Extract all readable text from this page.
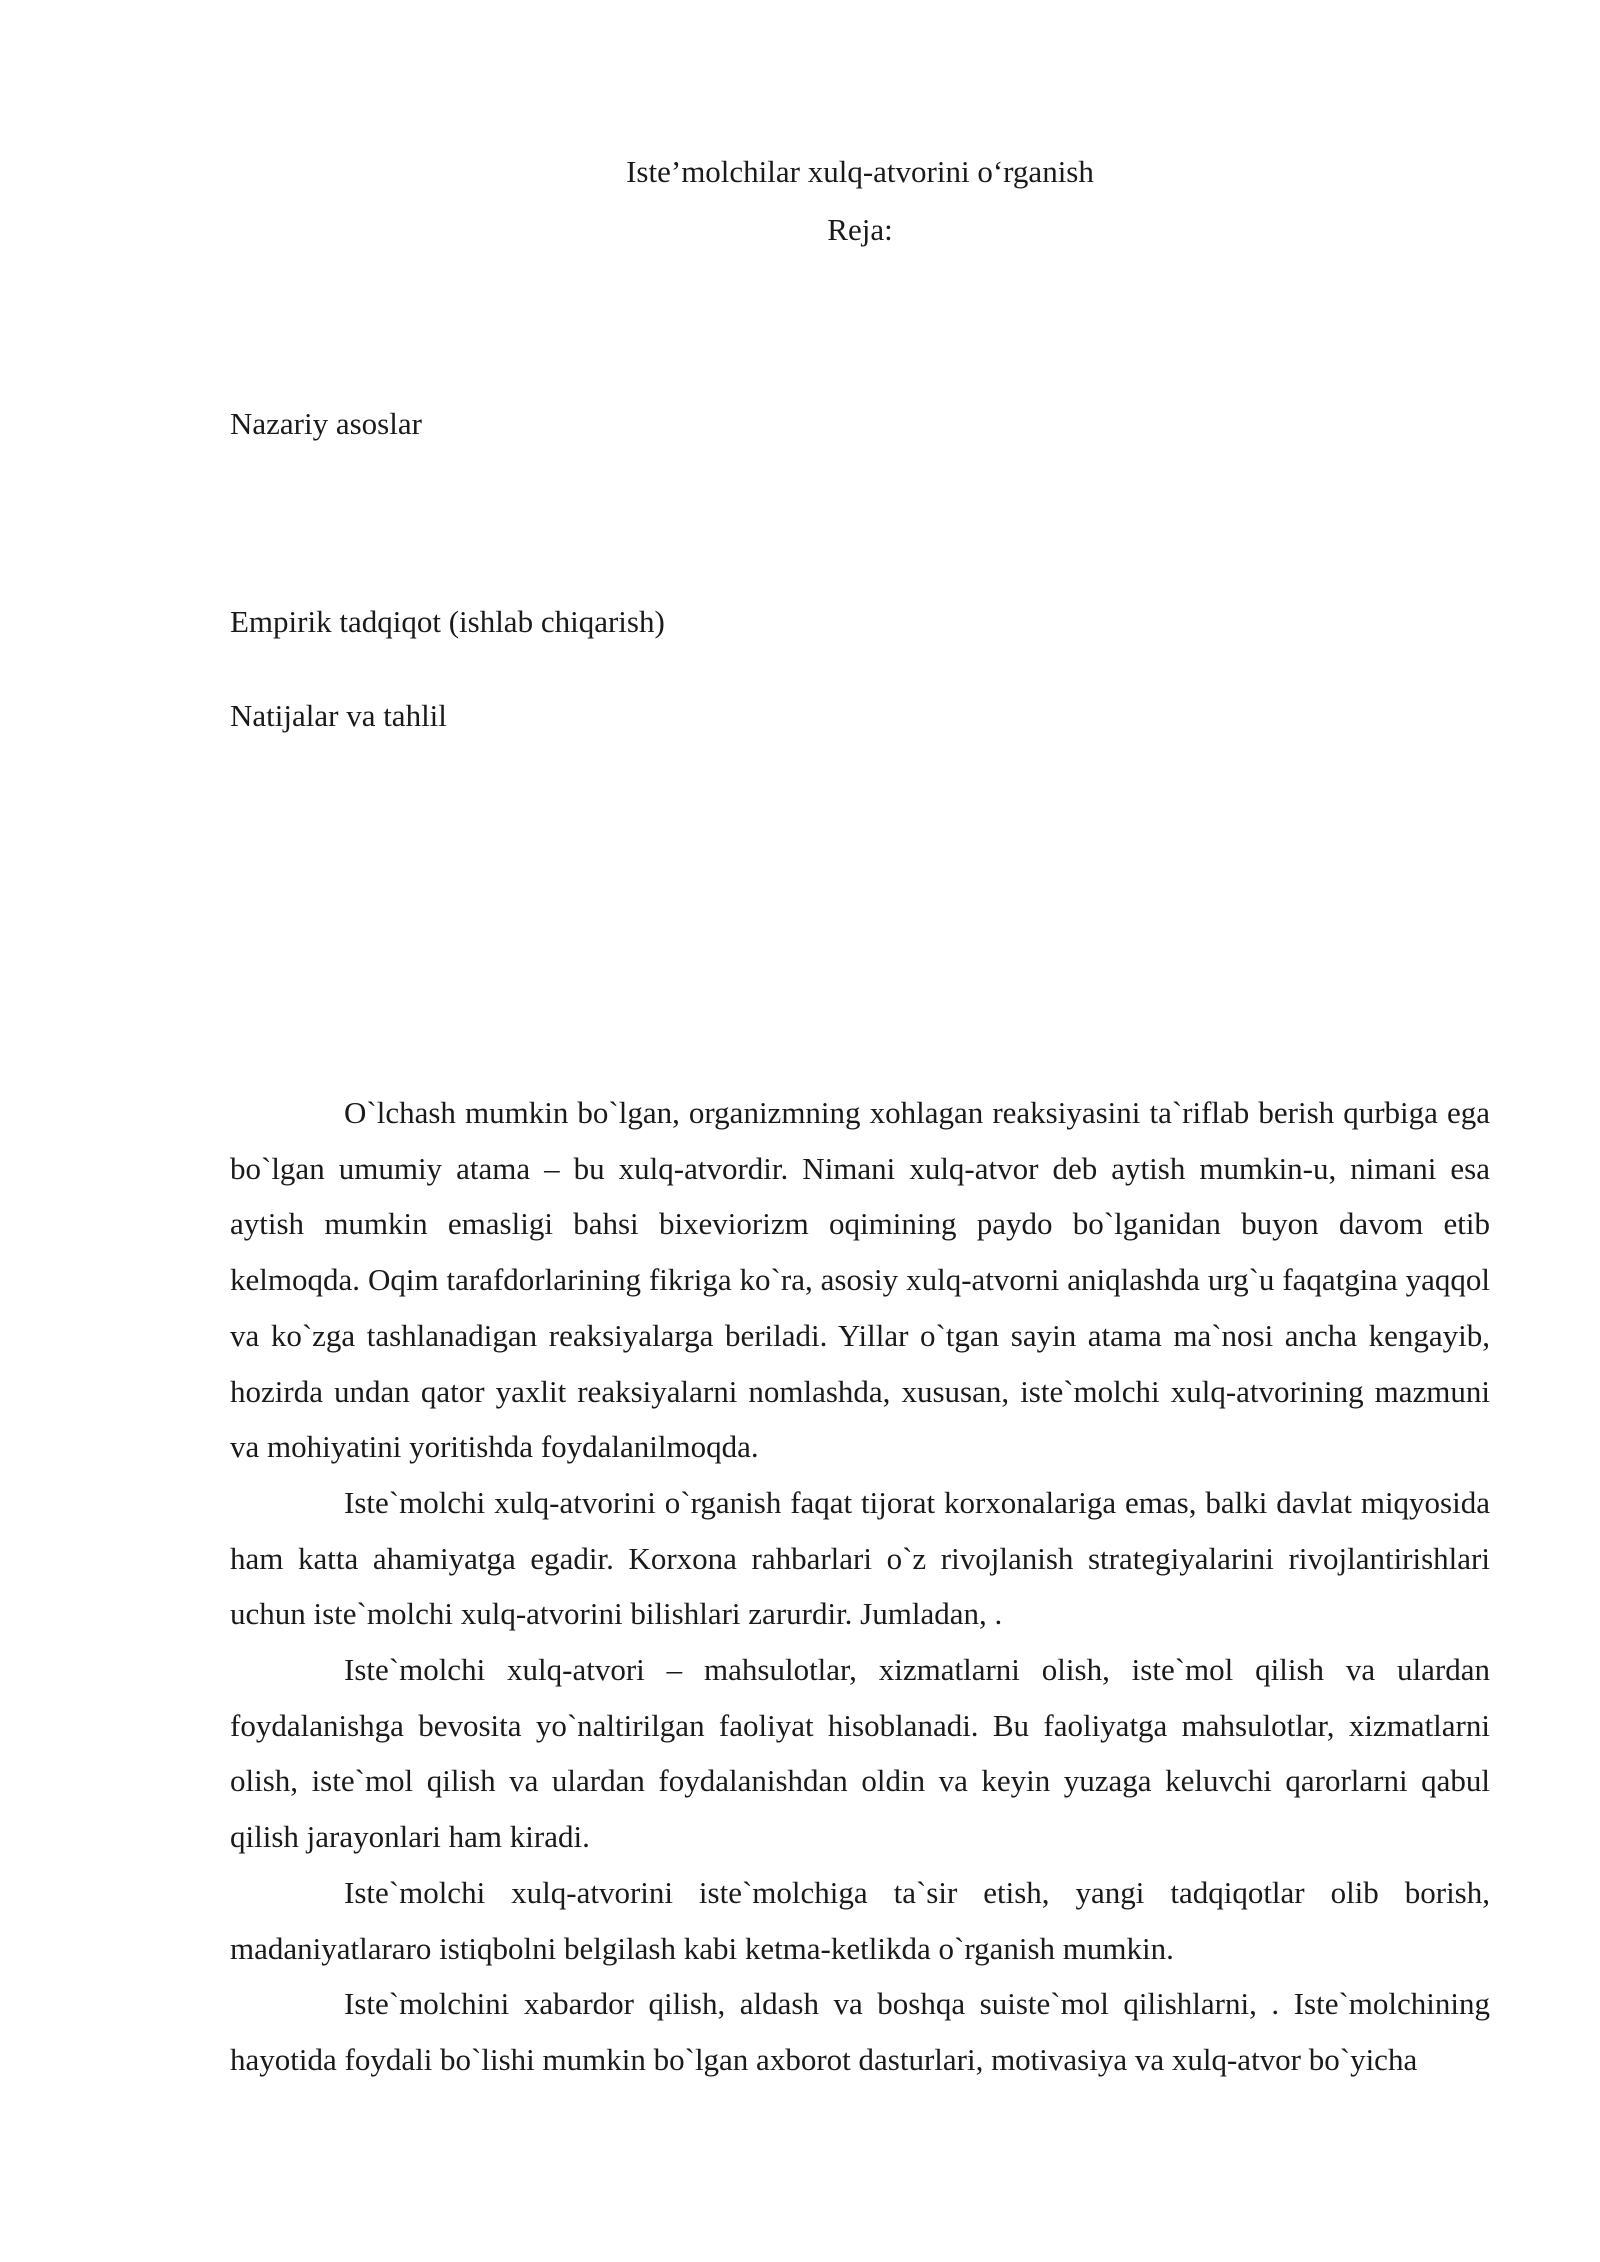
Iste’molchilar xulq-atvorini o‘rganish
Reja:
Nazariy asoslar
Empirik tadqiqot (ishlab chiqarish)
Natijalar va tahlil

O`lchash mumkin bo`lgan, organizmning xohlagan reaksiyasini ta`riflab berish qurbiga ega bo`lgan umumiy atama – bu xulq-atvordir. Nimani xulq-atvor deb aytish mumkin-u, nimani esa aytish mumkin emasligi bahsi bixeviorizm oqimining paydo bo`lganidan buyon davom etib kelmoqda. Oqim tarafdorlarining fikriga ko`ra, asosiy xulq-atvorni aniqlashda urg`u faqatgina yaqqol va ko`zga tashlanadigan reaksiyalarga beriladi. Yillar o`tgan sayin atama ma`nosi ancha kengayib, hozirda undan qator yaxlit reaksiyalarni nomlashda, xususan, iste`molchi xulq-atvorining mazmuni va mohiyatini yoritishda foydalanilmoqda.

Iste`molchi xulq-atvorini o`rganish faqat tijorat korxonalariga emas, balki davlat miqyosida ham katta ahamiyatga egadir. Korxona rahbarlari o`z rivojlanish strategiyalarini rivojlantirishlari uchun iste`molchi xulq-atvorini bilishlari zarurdir. Jumladan, .

Iste`molchi xulq-atvori – mahsulotlar, xizmatlarni olish, iste`mol qilish va ulardan foydalanishga bevosita yo`naltirilgan faoliyat hisoblanadi. Bu faoliyatga mahsulotlar, xizmatlarni olish, iste`mol qilish va ulardan foydalanishdan oldin va keyin yuzaga keluvchi qarorlarni qabul qilish jarayonlari ham kiradi.

Iste`molchi xulq-atvorini iste`molchiga ta`sir etish, yangi tadqiqotlar olib borish, madaniyatlararo istiqbolni belgilash kabi ketma-ketlikda o`rganish mumkin.

Iste`molchini xabardor qilish, aldash va boshqa suiste`mol qilishlarni, . Iste`molchining hayotida foydali bo`lishi mumkin bo`lgan axborot dasturlari, motivasiya va xulq-atvor bo`yicha
